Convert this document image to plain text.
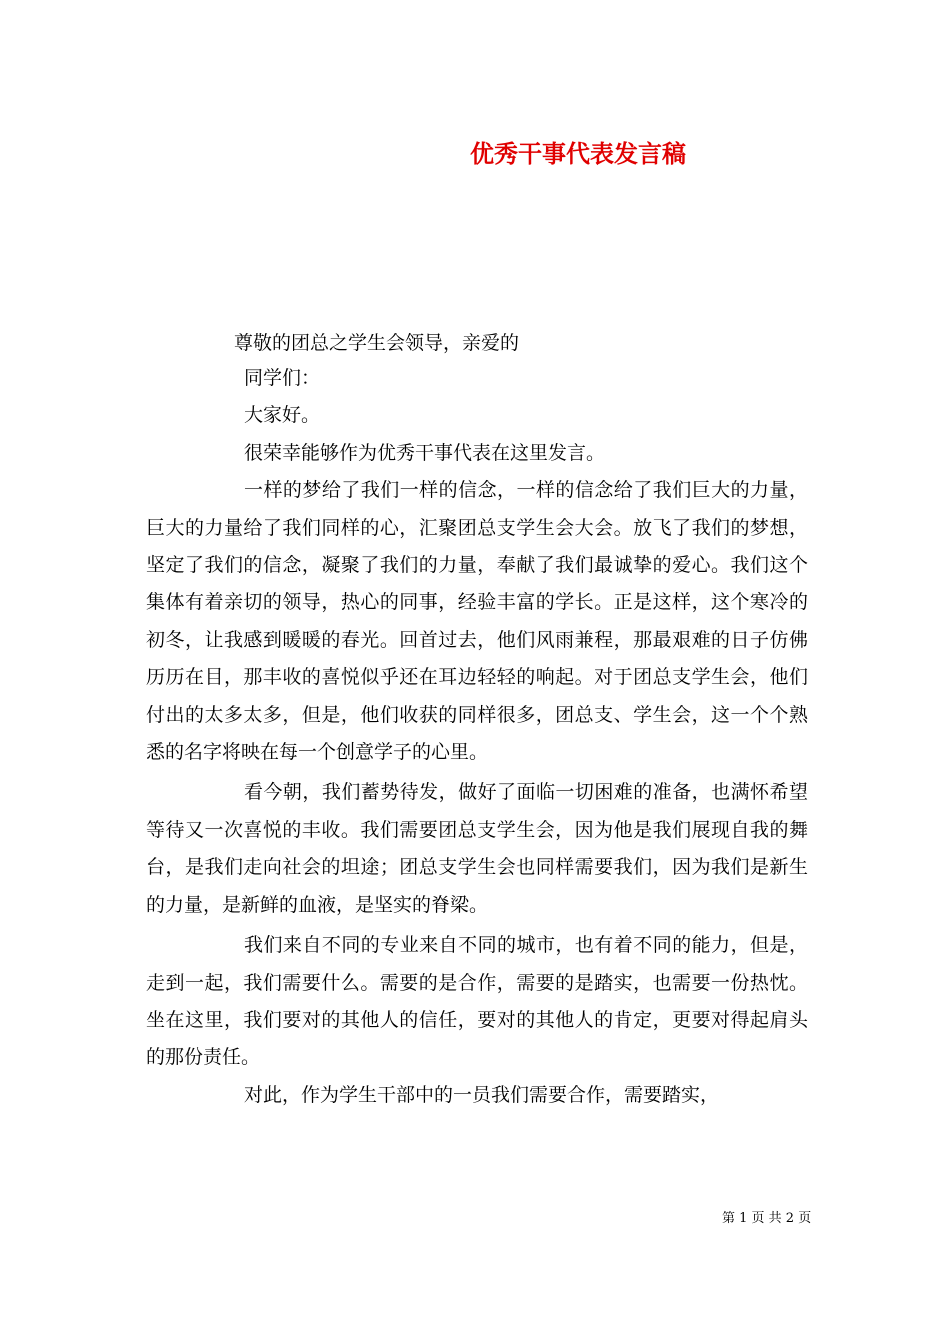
优秀干事代表发言稿
尊敬的团总之学生会领导，亲爱的

同学们：

大家好。

很荣幸能够作为优秀干事代表在这里发言。

一样的梦给了我们一样的信念，一样的信念给了我们巨大的力量，巨大的力量给了我们同样的心，汇聚团总支学生会大会。放飞了我们的梦想，坚定了我们的信念，凝聚了我们的力量，奉献了我们最诚挚的爱心。我们这个集体有着亲切的领导，热心的同事，经验丰富的学长。正是这样，这个寒冷的初冬，让我感到暖暖的春光。回首过去，他们风雨兼程，那最艰难的日子仿佛历历在目，那丰收的喜悦似乎还在耳边轻轻的响起。对于团总支学生会，他们付出的太多太多，但是，他们收获的同样很多，团总支、学生会，这一个个熟悉的名字将映在每一个创意学子的心里。

看今朝，我们蓄势待发，做好了面临一切困难的准备，也满怀希望等待又一次喜悦的丰收。我们需要团总支学生会，因为他是我们展现自我的舞台，是我们走向社会的坦途；团总支学生会也同样需要我们，因为我们是新生的力量，是新鲜的血液，是坚实的脊梁。

我们来自不同的专业来自不同的城市，也有着不同的能力，但是，走到一起，我们需要什么。需要的是合作，需要的是踏实，也需要一份热忱。坐在这里，我们要对的其他人的信任，要对的其他人的肯定，更要对得起肩头的那份责任。

对此，作为学生干部中的一员我们需要合作，需要踏实，

第 1 页 共 2 页
